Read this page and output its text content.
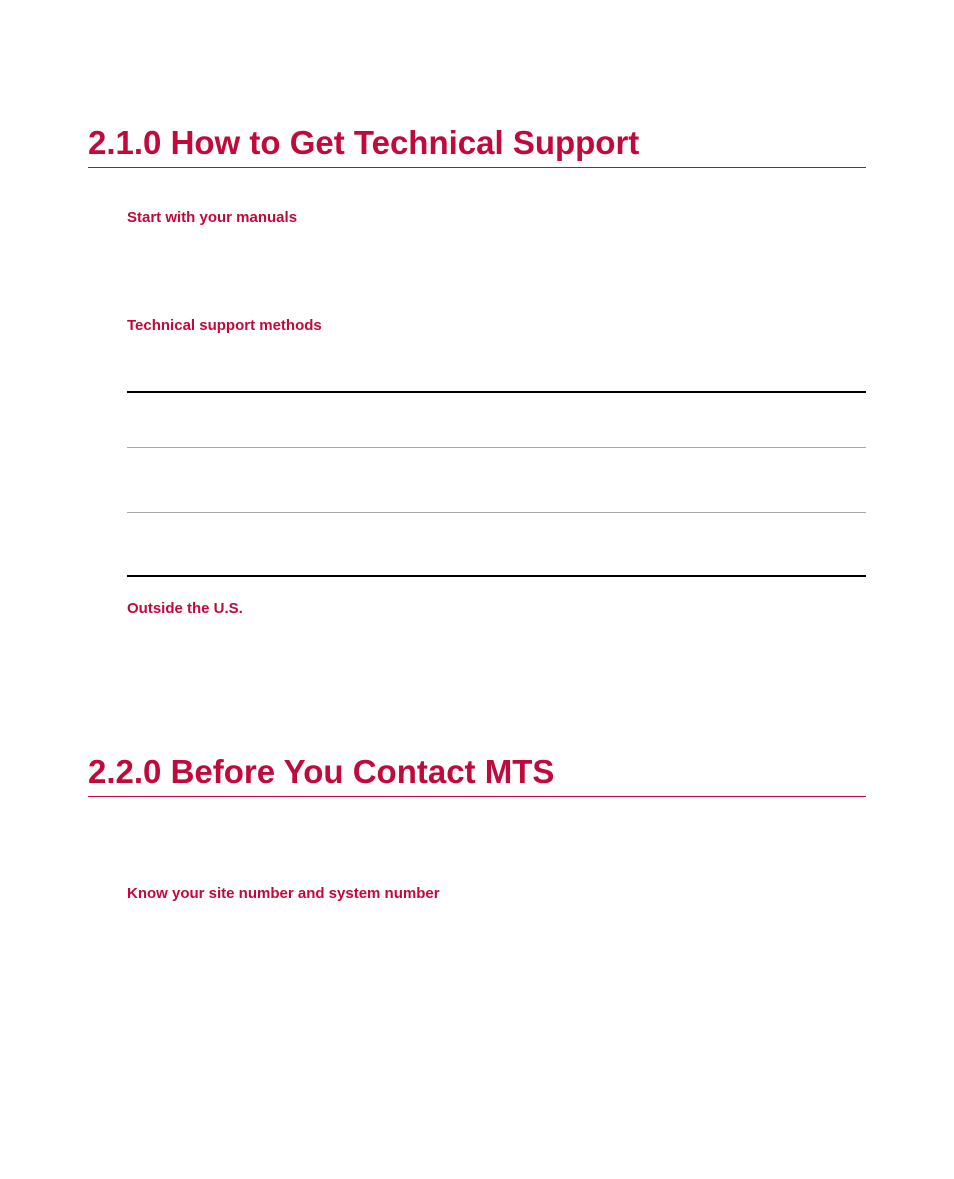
2.1.0 How to Get Technical Support
Start with your manuals
Technical support methods
Outside the U.S.
2.2.0 Before You Contact MTS
Know your site number and system number
